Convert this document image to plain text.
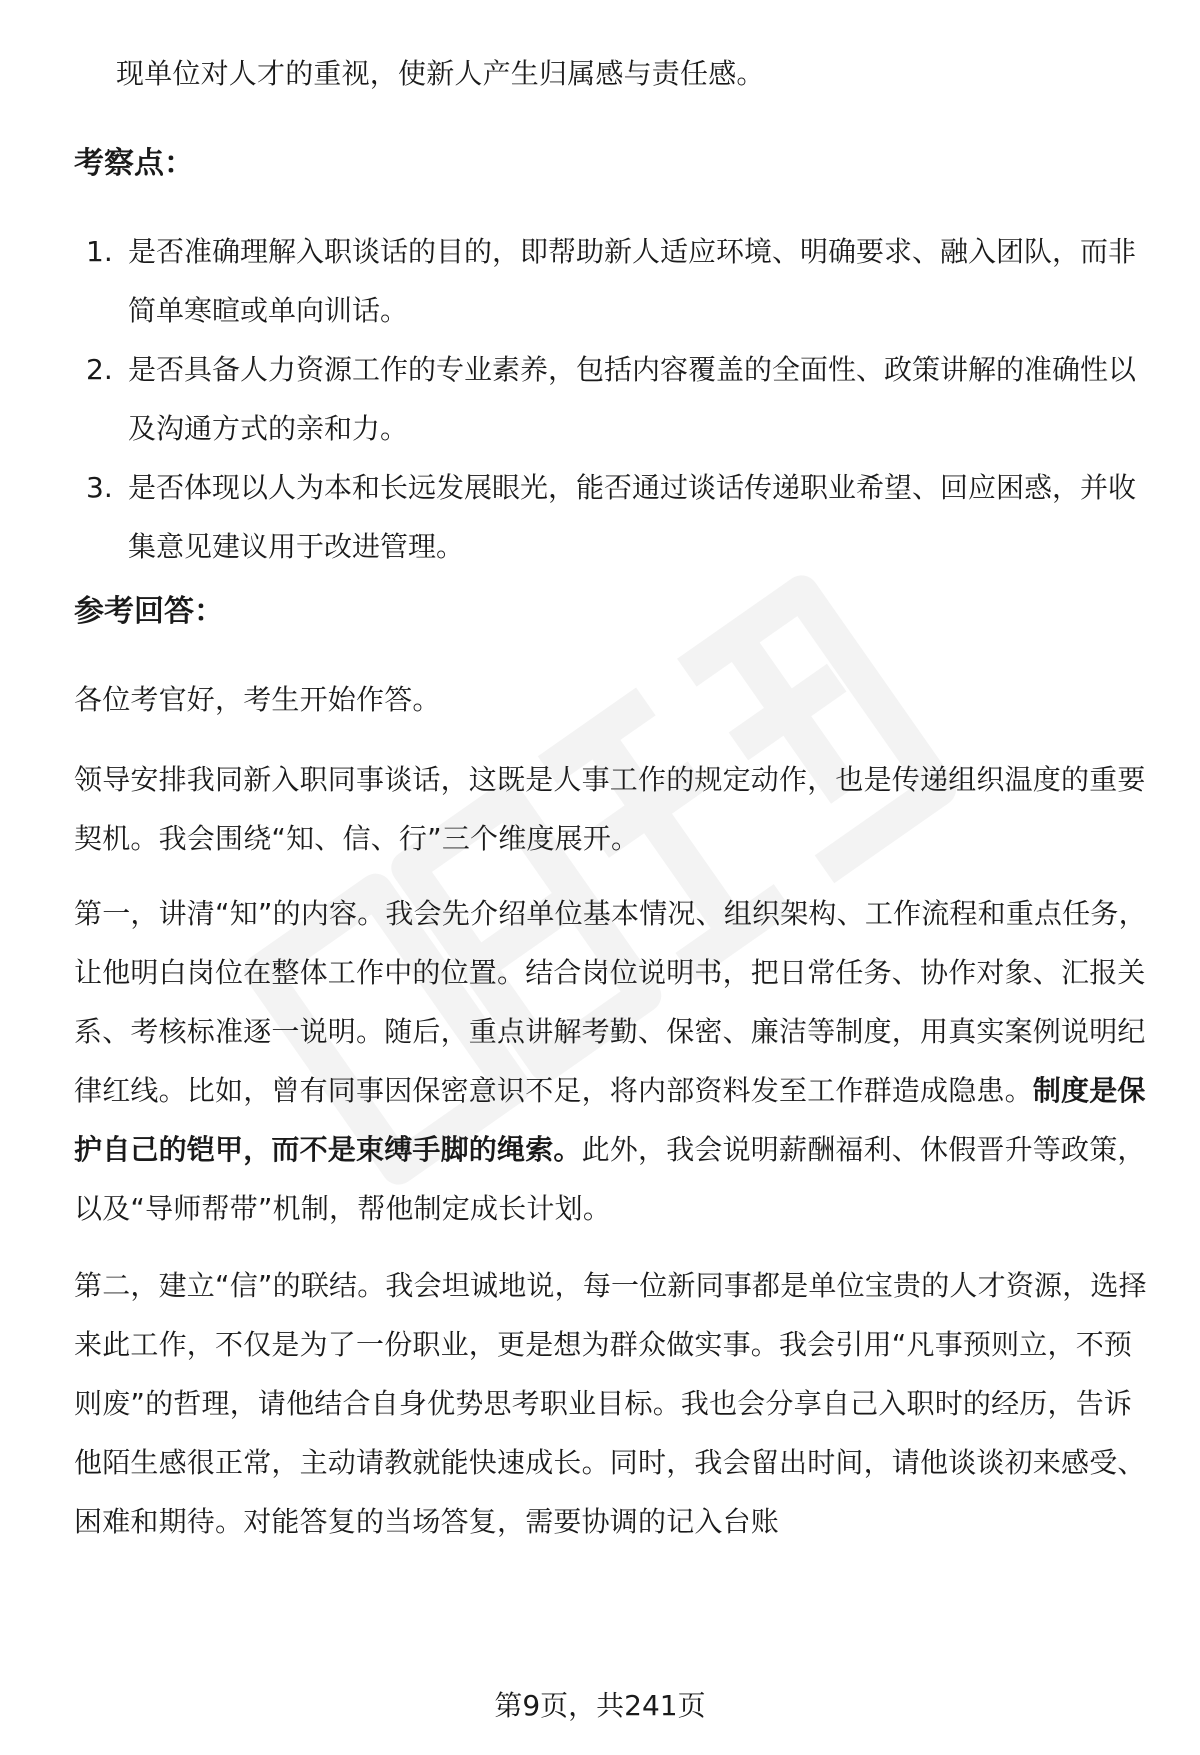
现单位对人才的重视，使新人产生归属感与责任感。

考察点：
1. 是否准确理解入职谈话的目的，即帮助新人适应环境、明确要求、融入团队，而非简单寒暄或单向训话。
2. 是否具备人力资源工作的专业素养，包括内容覆盖的全面性、政策讲解的准确性以及沟通方式的亲和力。
3. 是否体现以人为本和长远发展眼光，能否通过谈话传递职业希望、回应困惑，并收集意见建议用于改进管理。
参考回答：

各位考官好，考生开始作答。

领导安排我同新入职同事谈话，这既是人事工作的规定动作，也是传递组织温度的重要契机。我会围绕“知、信、行”三个维度展开。

第一，讲清“知”的内容。我会先介绍单位基本情况、组织架构、工作流程和重点任务，让他明白岗位在整体工作中的位置。结合岗位说明书，把日常任务、协作对象、汇报关系、考核标准逐一说明。随后，重点讲解考勤、保密、廉洁等制度，用真实案例说明纪律红线。比如，曾有同事因保密意识不足，将内部资料发至工作群造成隐患。制度是保护自己的铠甲，而不是束缚手脚的绳索。此外，我会说明薪酬福利、休假晋升等政策，以及“导师帮带”机制，帮他制定成长计划。

第二，建立“信”的联结。我会坦诚地说，每一位新同事都是单位宝贵的人才资源，选择来此工作，不仅是为了一份职业，更是想为群众做实事。我会引用“凡事预则立，不预则废”的哲理，请他结合自身优势思考职业目标。我也会分享自己入职时的经历，告诉他陌生感很正常，主动请教就能快速成长。同时，我会留出时间，请他谈谈初来感受、困难和期待。对能答复的当场答复，需要协调的记入台账

第9页，共241页
